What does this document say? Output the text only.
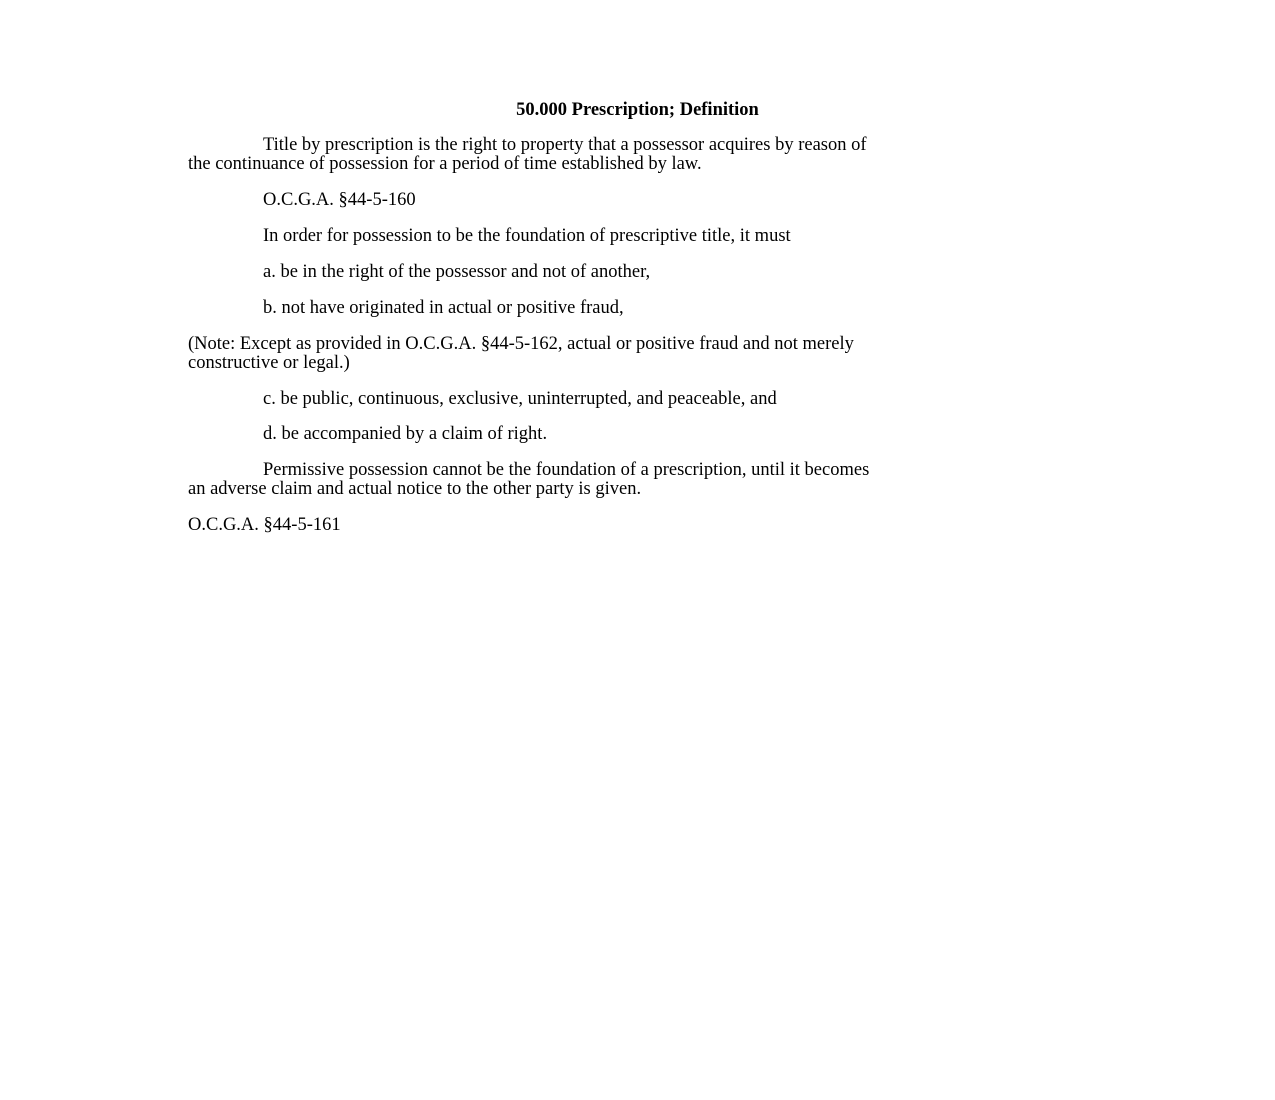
50.000 Prescription; Definition
Title by prescription is the right to property that a possessor acquires by reason of
the continuance of possession for a period of time established by law.
O.C.G.A. §44-5-160
In order for possession to be the foundation of prescriptive title, it must
a. be in the right of the possessor and not of another,
b. not have originated in actual or positive fraud,
(Note: Except as provided in O.C.G.A. §44-5-162, actual or positive fraud and not merely
constructive or legal.)
c. be public, continuous, exclusive, uninterrupted, and peaceable, and
d. be accompanied by a claim of right.
Permissive possession cannot be the foundation of a prescription, until it becomes
an adverse claim and actual notice to the other party is given.
O.C.G.A. §44-5-161
